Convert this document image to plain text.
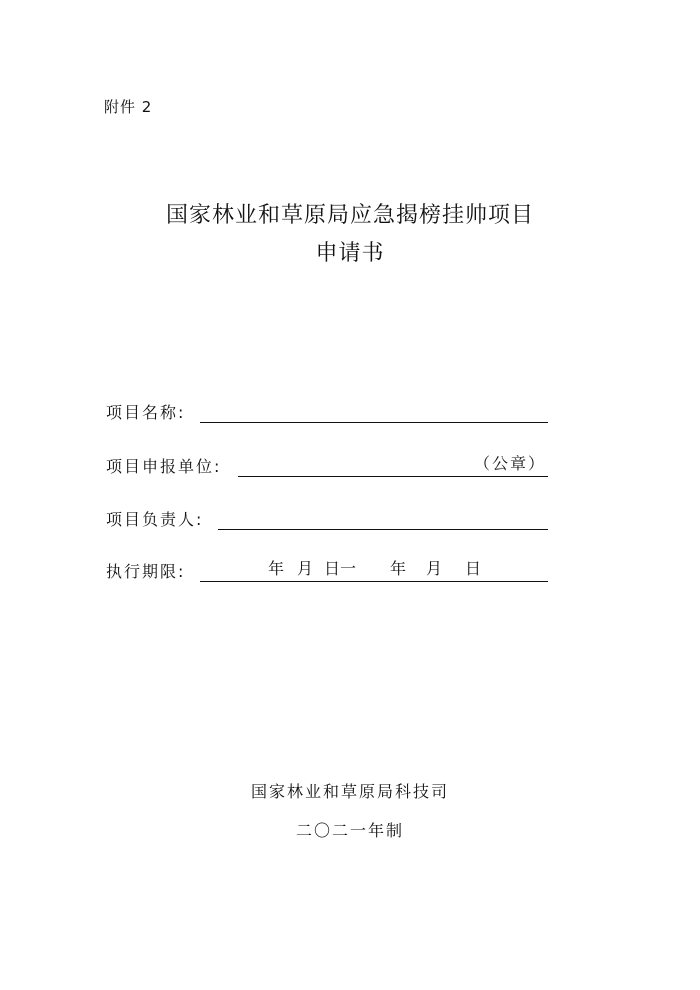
附件 2
国家林业和草原局应急揭榜挂帅项目
申请书
项目名称:
项目申报单位:	（公章）
项目负责人:
执行期限:	年 月 日一 年 月 日
国家林业和草原局科技司
二〇二一年制
